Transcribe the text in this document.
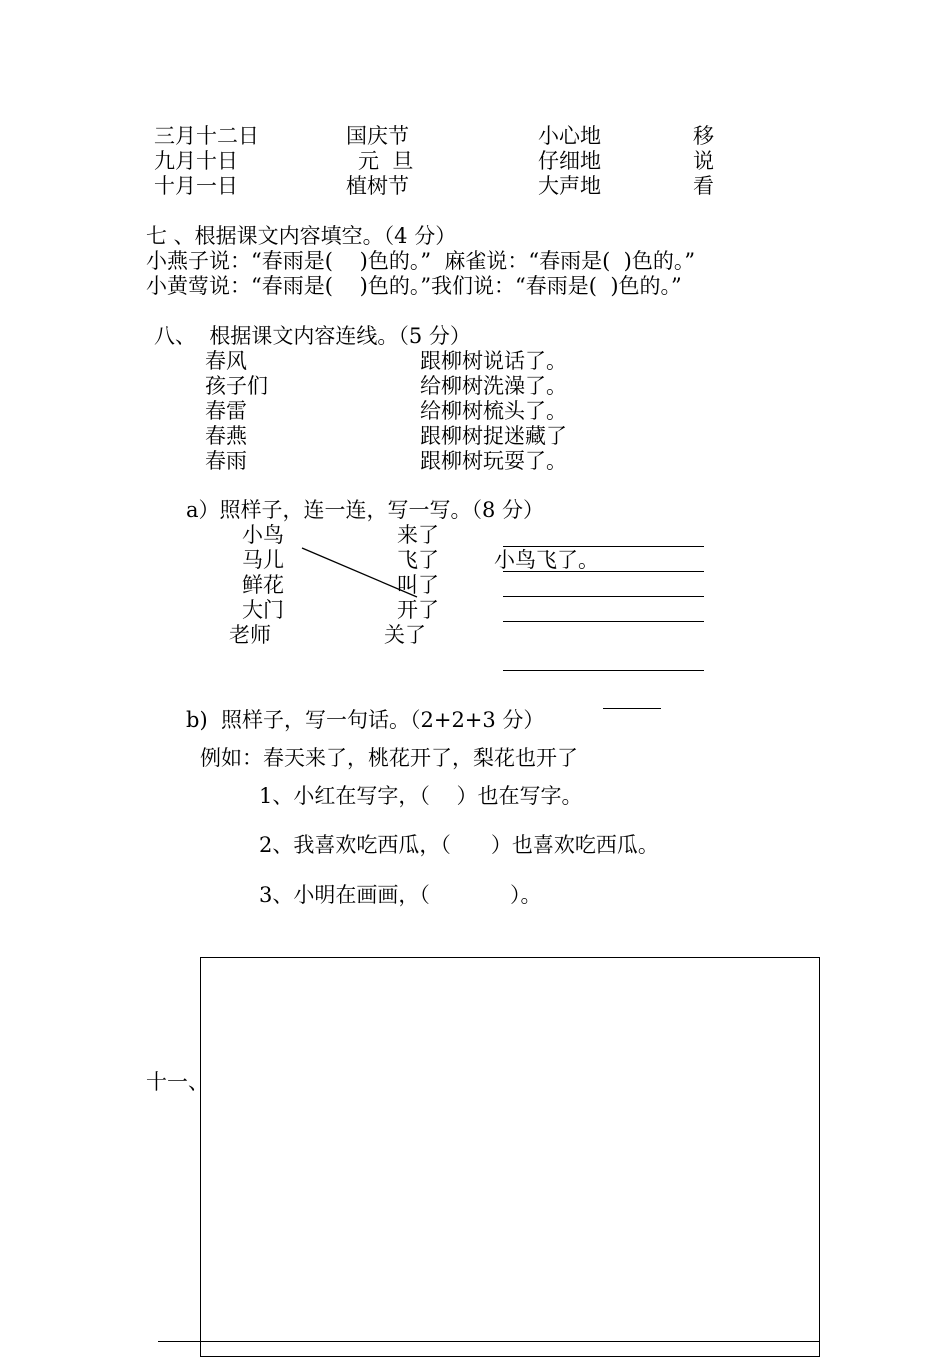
三月十二日	国庆节	小心地	移
九月十日	元  旦	仔细地	说
十月一日	植树节	大声地	看
七 、根据课文内容填空。（4 分）
小燕子说：“春雨是(    )色的。”  麻雀说：“春雨是(  )色的。”
小黄莺说：“春雨是(    )色的。”我们说：“春雨是(  )色的。”
八、  根据课文内容连线。（5 分）
春风
孩子们
春雷
春燕
春雨
跟柳树说话了。
给柳树洗澡了。
给柳树梳头了。
跟柳树捉迷藏了
跟柳树玩耍了。
a）照样子，连一连，写一写。（8 分）
小鸟
马儿
鲜花
大门
老师
来了
飞了
叫了
开了
关了
小鸟飞了。
b)  照样子，写一句话。（2+2+3 分）
例如：春天来了，桃花开了，梨花也开了
1、小红在写字，（    ）也在写字。
2、我喜欢吃西瓜，（      ）也喜欢吃西瓜。
3、小明在画画，（            ）。
十一、
